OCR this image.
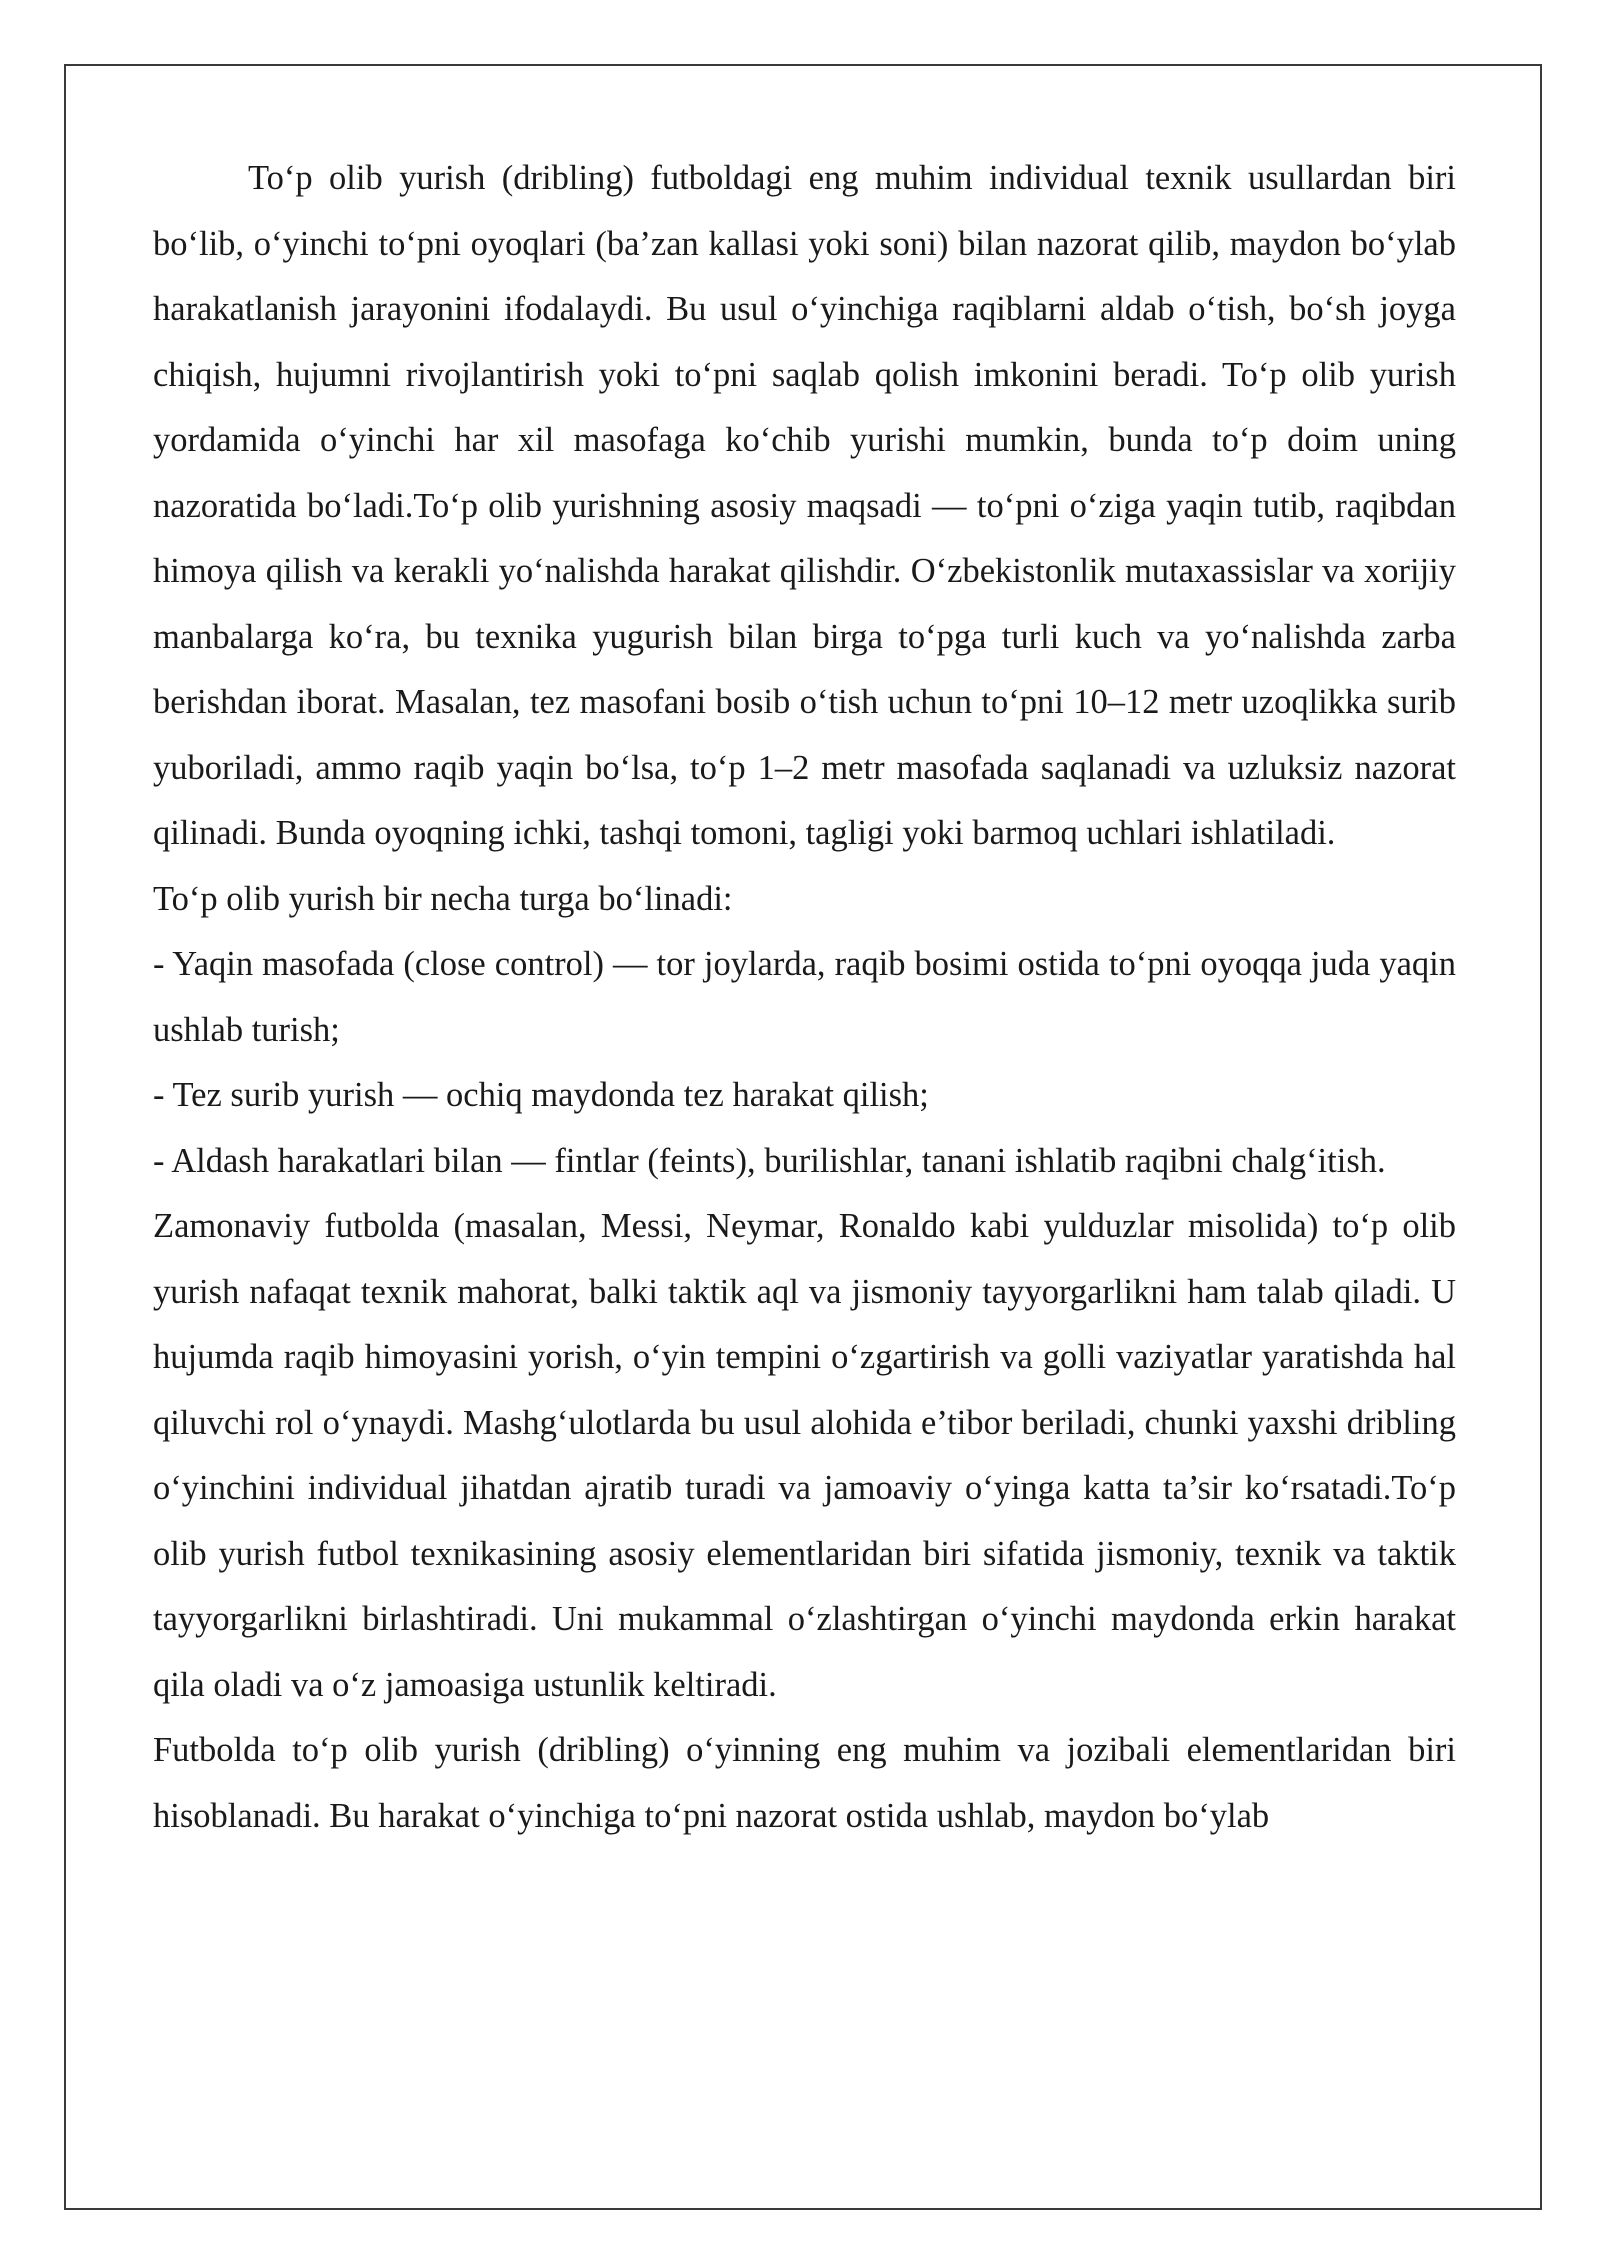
To‘p olib yurish (dribling) futboldagi eng muhim individual texnik usullardan biri bo‘lib, o‘yinchi to‘pni oyoqlari (ba’zan kallasi yoki soni) bilan nazorat qilib, maydon bo‘ylab harakatlanish jarayonini ifodalaydi. Bu usul o‘yinchiga raqiblarni aldab o‘tish, bo‘sh joyga chiqish, hujumni rivojlantirish yoki to‘pni saqlab qolish imkonini beradi. To‘p olib yurish yordamida o‘yinchi har xil masofaga ko‘chib yurishi mumkin, bunda to‘p doim uning nazoratida bo‘ladi.To‘p olib yurishning asosiy maqsadi — to‘pni o‘ziga yaqin tutib, raqibdan himoya qilish va kerakli yo‘nalishda harakat qilishdir. O‘zbekistonlik mutaxassislar va xorijiy manbalarga ko‘ra, bu texnika yugurish bilan birga to‘pga turli kuch va yo‘nalishda zarba berishdan iborat. Masalan, tez masofani bosib o‘tish uchun to‘pni 10–12 metr uzoqlikka surib yuboriladi, ammo raqib yaqin bo‘lsa, to‘p 1–2 metr masofada saqlanadi va uzluksiz nazorat qilinadi. Bunda oyoqning ichki, tashqi tomoni, tagligi yoki barmoq uchlari ishlatiladi.

To‘p olib yurish bir necha turga bo‘linadi:

- Yaqin masofada (close control) — tor joylarda, raqib bosimi ostida to‘pni oyoqqa juda yaqin ushlab turish;

- Tez surib yurish — ochiq maydonda tez harakat qilish;

- Aldash harakatlari bilan — fintlar (feints), burilishlar, tanani ishlatib raqibni chalg‘itish.

Zamonaviy futbolda (masalan, Messi, Neymar, Ronaldo kabi yulduzlar misolida) to‘p olib yurish nafaqat texnik mahorat, balki taktik aql va jismoniy tayyorgarlikni ham talab qiladi. U hujumda raqib himoyasini yorish, o‘yin tempini o‘zgartirish va golli vaziyatlar yaratishda hal qiluvchi rol o‘ynaydi. Mashg‘ulotlarda bu usul alohida e’tibor beriladi, chunki yaxshi dribling o‘yinchini individual jihatdan ajratib turadi va jamoaviy o‘yinga katta ta’sir ko‘rsatadi.To‘p olib yurish futbol texnikasining asosiy elementlaridan biri sifatida jismoniy, texnik va taktik tayyorgarlikni birlashtiradi. Uni mukammal o‘zlashtirgan o‘yinchi maydonda erkin harakat qila oladi va o‘z jamoasiga ustunlik keltiradi.

Futbolda to‘p olib yurish (dribling) o‘yinning eng muhim va jozibali elementlaridan biri hisoblanadi. Bu harakat o‘yinchiga to‘pni nazorat ostida ushlab, maydon bo‘ylab
